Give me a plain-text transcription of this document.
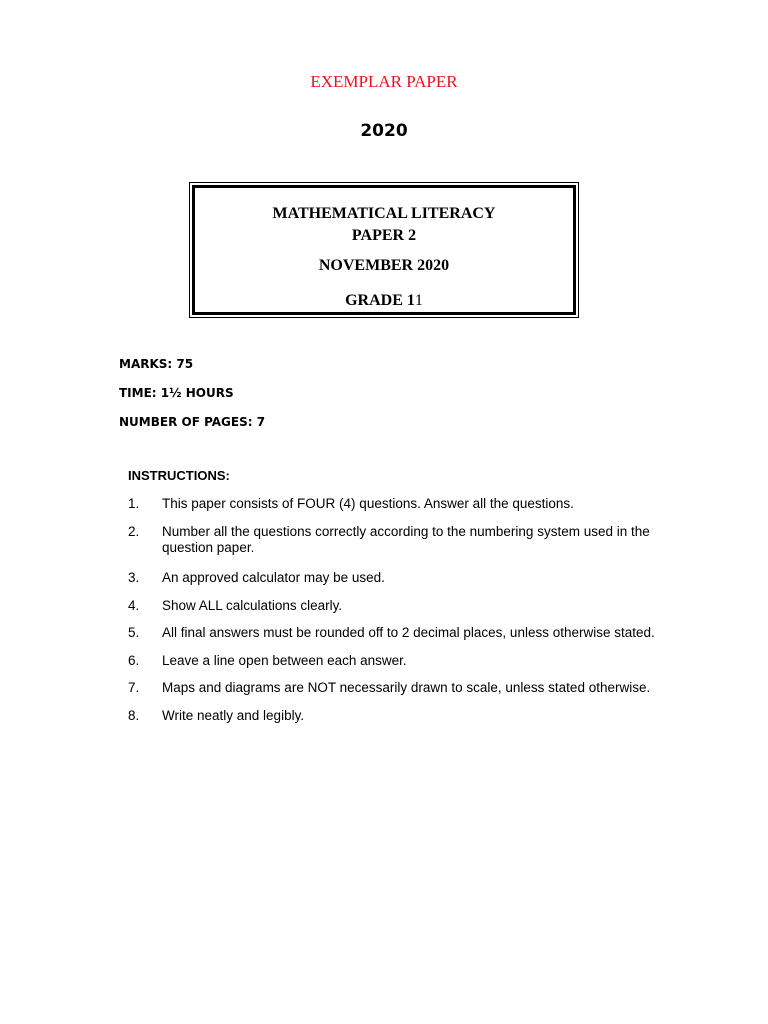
EXEMPLAR PAPER
2020
MATHEMATICAL LITERACY
PAPER 2
NOVEMBER 2020
GRADE 11
MARKS: 75
TIME: 1½ HOURS
NUMBER OF PAGES: 7
INSTRUCTIONS:
1.	This paper consists of FOUR (4) questions. Answer all the questions.
2.	Number all the questions correctly according to the numbering system used in the question paper.
3.	An approved calculator may be used.
4.	Show ALL calculations clearly.
5.	All final answers must be rounded off to 2 decimal places, unless otherwise stated.
6.	Leave a line open between each answer.
7.	Maps and diagrams are NOT necessarily drawn to scale, unless stated otherwise.
8.	Write neatly and legibly.
